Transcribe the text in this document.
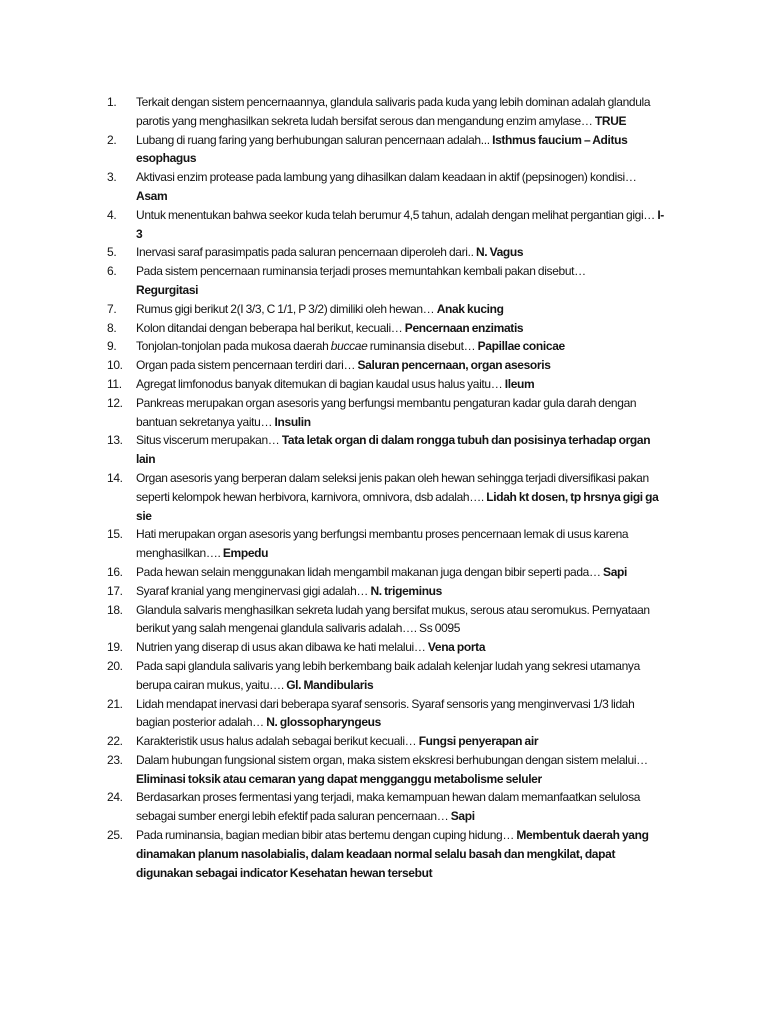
1. Terkait dengan sistem pencernaannya, glandula salivaris pada kuda yang lebih dominan adalah glandula parotis yang menghasilkan sekreta ludah bersifat serous dan mengandung enzim amylase… TRUE
2. Lubang di ruang faring yang berhubungan saluran pencernaan adalah... Isthmus faucium – Aditus esophagus
3. Aktivasi enzim protease pada lambung yang dihasilkan dalam keadaan in aktif (pepsinogen) kondisi… Asam
4. Untuk menentukan bahwa seekor kuda telah berumur 4,5 tahun, adalah dengan melihat pergantian gigi… I-3
5. Inervasi saraf parasimpatis pada saluran pencernaan diperoleh dari.. N. Vagus
6. Pada sistem pencernaan ruminansia terjadi proses memuntahkan kembali pakan disebut…
Regurgitasi
7. Rumus gigi berikut 2(I 3/3, C 1/1, P 3/2) dimiliki oleh hewan… Anak kucing
8. Kolon ditandai dengan beberapa hal berikut, kecuali… Pencernaan enzimatis
9. Tonjolan-tonjolan pada mukosa daerah buccae ruminansia disebut… Papillae conicae
10. Organ pada sistem pencernaan terdiri dari… Saluran pencernaan, organ asesoris
11. Agregat limfonodus banyak ditemukan di bagian kaudal usus halus yaitu… Ileum
12. Pankreas merupakan organ asesoris yang berfungsi membantu pengaturan kadar gula darah dengan bantuan sekretanya yaitu… Insulin
13. Situs viscerum merupakan… Tata letak organ di dalam rongga tubuh dan posisinya terhadap organ lain
14. Organ asesoris yang berperan dalam seleksi jenis pakan oleh hewan sehingga terjadi diversifikasi pakan seperti kelompok hewan herbivora, karnivora, omnivora, dsb adalah…. Lidah kt dosen, tp hrsnya gigi ga sie
15. Hati merupakan organ asesoris yang berfungsi membantu proses pencernaan lemak di usus karena menghasilkan…. Empedu
16. Pada hewan selain menggunakan lidah mengambil makanan juga dengan bibir seperti pada… Sapi
17. Syaraf kranial yang menginervasi gigi adalah… N. trigeminus
18. Glandula salvaris menghasilkan sekreta ludah yang bersifat mukus, serous atau seromukus. Pernyataan berikut yang salah mengenai glandula salivaris adalah…. Ss 0095
19. Nutrien yang diserap di usus akan dibawa ke hati melalui… Vena porta
20. Pada sapi glandula salivaris yang lebih berkembang baik adalah kelenjar ludah yang sekresi utamanya berupa cairan mukus, yaitu…. Gl. Mandibularis
21. Lidah mendapat inervasi dari beberapa syaraf sensoris. Syaraf sensoris yang menginvervasi 1/3 lidah bagian posterior adalah… N. glossopharyngeus
22. Karakteristik usus halus adalah sebagai berikut kecuali… Fungsi penyerapan air
23. Dalam hubungan fungsional sistem organ, maka sistem ekskresi berhubungan dengan sistem melalui… Eliminasi toksik atau cemaran yang dapat mengganggu metabolisme seluler
24. Berdasarkan proses fermentasi yang terjadi, maka kemampuan hewan dalam memanfaatkan selulosa sebagai sumber energi lebih efektif pada saluran pencernaan… Sapi
25. Pada ruminansia, bagian median bibir atas bertemu dengan cuping hidung… Membentuk daerah yang dinamakan planum nasolabialis, dalam keadaan normal selalu basah dan mengkilat, dapat digunakan sebagai indicator Kesehatan hewan tersebut
